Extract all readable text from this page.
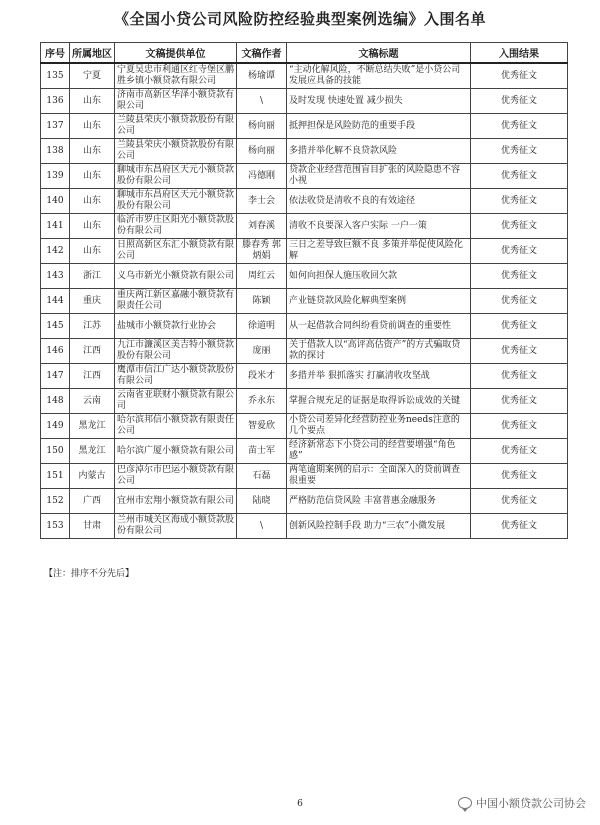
《全国小贷公司风险防控经验典型案例选编》入围名单
序号	所属地区	文稿提供单位	文稿作者	文稿标题	入围结果
135	宁夏	宁夏吴忠市利通区红寺堡区鹏胜乡镇小额贷款有限公司	杨瑜谭	“主动化解风险，不断总结失败”是小贷公司发展应具备的技能	优秀征文
136	山东	济南市高新区华泽小额贷款有限公司	\	及时发现 快速处置 减少损失	优秀征文
137	山东	兰陵县荣庆小额贷款股份有限公司	杨向丽	抵押担保是风险防范的重要手段	优秀征文
138	山东	兰陵县荣庆小额贷款股份有限公司	杨向丽	多措并举化解不良贷款风险	优秀征文
139	山东	聊城市东昌府区天元小额贷款股份有限公司	冯德刚	贷款企业经营范围盲目扩张的风险隐患不容小视	优秀征文
140	山东	聊城市东昌府区天元小额贷款股份有限公司	李士会	依法收贷是清收不良的有效途径	优秀征文
141	山东	临沂市罗庄区阳光小额贷款股份有限公司	刘春溪	清收不良要深入客户实际 一户一策	优秀征文
142	山东	日照高新区东汇小额贷款有限公司	滕春秀 郭炳娟	三日之差导致巨额不良 多策并举促使风险化解	优秀征文
143	浙江	义乌市新光小额贷款有限公司	周红云	如何向担保人施压收回欠款	优秀征文
144	重庆	重庆两江新区嘉融小额贷款有限责任公司	陈颖	产业链贷款风险化解典型案例	优秀征文
145	江苏	盐城市小额贷款行业协会	徐道明	从一起借款合同纠纷看贷前调查的重要性	优秀征文
146	江西	九江市濂溪区美吉特小额贷款股份有限公司	庞丽	关于借款人以“高评高估资产”的方式骗取贷款的探讨	优秀征文
147	江西	鹰潭市信江广达小额贷款股份有限公司	段米才	多措并举 狠抓落实 打赢清收攻坚战	优秀征文
148	云南	云南省亚联财小额贷款有限公司	乔永东	掌握合规充足的证据是取得诉讼成效的关键	优秀征文
149	黑龙江	哈尔滨邦信小额贷款有限责任公司	智爱欣	小贷公司差异化经营防控业务needs注意的几个要点	优秀征文
150	黑龙江	哈尔滨广厦小额贷款有限公司	苗士军	经济新常态下小贷公司的经营要增强“角色感”	优秀征文
151	内蒙古	巴彦淖尔市巴运小额贷款有限公司	石磊	两笔逾期案例的启示：全面深入的贷前调查很重要	优秀征文
152	广西	宜州市宏翔小额贷款有限公司	陆晓	严格防范信贷风险 丰富普惠金融服务	优秀征文
153	甘肃	兰州市城关区海成小额贷款股份有限公司	\	创新风险控制手段 助力“三农”小微发展	优秀征文
【注：排序不分先后】
6	中国小额贷款公司协会
